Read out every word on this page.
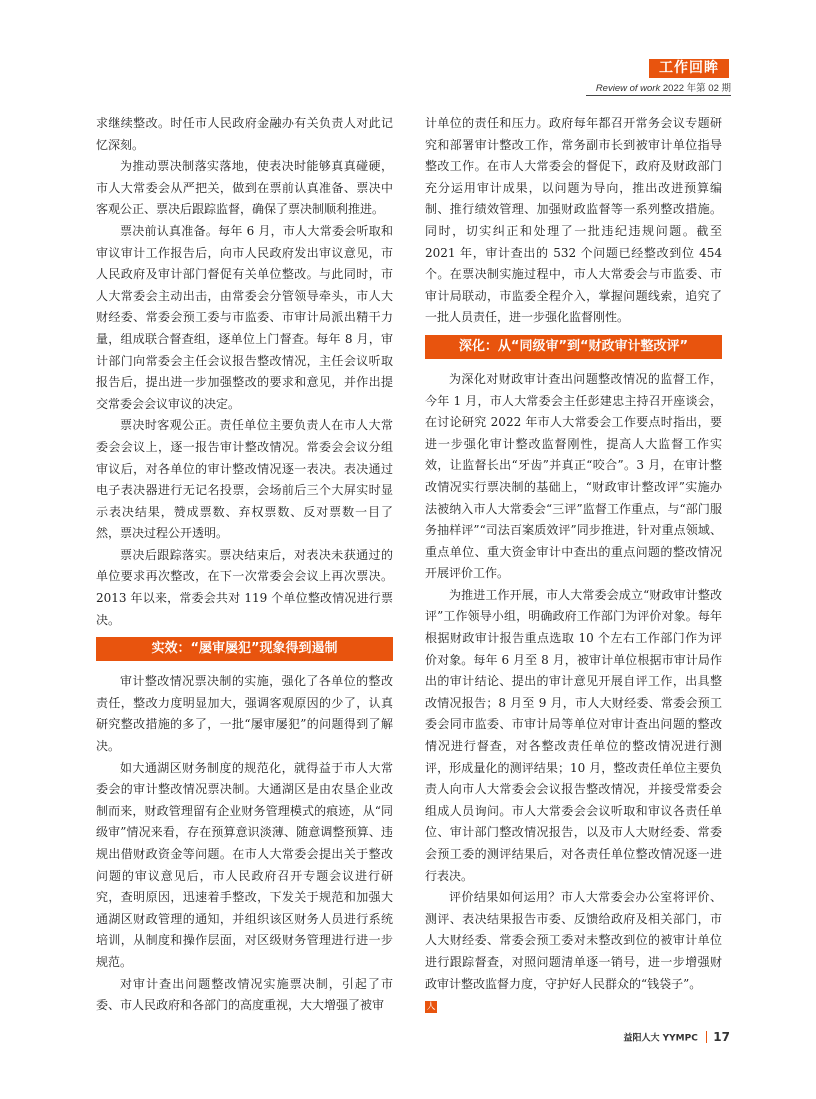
工作回眸
Review of work 2022 年第 02 期

求继续整改。时任市人民政府金融办有关负责人对此记忆深刻。

为推动票决制落实落地，使表决时能够真真碰硬，市人大常委会从严把关，做到在票前认真准备、票决中客观公正、票决后跟踪监督，确保了票决制顺利推进。

票决前认真准备。每年 6 月，市人大常委会听取和审议审计工作报告后，向市人民政府发出审议意见，市人民政府及审计部门督促有关单位整改。与此同时，市人大常委会主动出击，由常委会分管领导牵头，市人大财经委、常委会预工委与市监委、市审计局派出精干力量，组成联合督查组，逐单位上门督查。每年 8 月，审计部门向常委会主任会议报告整改情况，主任会议听取报告后，提出进一步加强整改的要求和意见，并作出提交常委会会议审议的决定。

票决时客观公正。责任单位主要负责人在市人大常委会会议上，逐一报告审计整改情况。常委会会议分组审议后，对各单位的审计整改情况逐一表决。表决通过电子表决器进行无记名投票，会场前后三个大屏实时显示表决结果，赞成票数、弃权票数、反对票数一目了然，票决过程公开透明。

票决后跟踪落实。票决结束后，对表决未获通过的单位要求再次整改，在下一次常委会会议上再次票决。2013 年以来，常委会共对 119 个单位整改情况进行票决。

实效：“屡审屡犯”现象得到遏制

审计整改情况票决制的实施，强化了各单位的整改责任，整改力度明显加大，强调客观原因的少了，认真研究整改措施的多了，一批“屡审屡犯”的问题得到了解决。

如大通湖区财务制度的规范化，就得益于市人大常委会的审计整改情况票决制。大通湖区是由农垦企业改制而来，财政管理留有企业财务管理模式的痕迹，从“同级审”情况来看，存在预算意识淡薄、随意调整预算、违规出借财政资金等问题。在市人大常委会提出关于整改问题的审议意见后，市人民政府召开专题会议进行研究，查明原因，迅速着手整改，下发关于规范和加强大通湖区财政管理的通知，并组织该区财务人员进行系统培训，从制度和操作层面，对区级财务管理进行进一步规范。

对审计查出问题整改情况实施票决制，引起了市委、市人民政府和各部门的高度重视，大大增强了被审

计单位的责任和压力。政府每年都召开常务会议专题研究和部署审计整改工作，常务副市长到被审计单位指导整改工作。在市人大常委会的督促下，政府及财政部门充分运用审计成果，以问题为导向，推出改进预算编制、推行绩效管理、加强财政监督等一系列整改措施。同时，切实纠正和处理了一批违纪违规问题。截至 2021 年，审计查出的 532 个问题已经整改到位 454 个。在票决制实施过程中，市人大常委会与市监委、市审计局联动，市监委全程介入，掌握问题线索，追究了一批人员责任，进一步强化监督刚性。

深化：从“同级审”到“财政审计整改评”

为深化对财政审计查出问题整改情况的监督工作，今年 1 月，市人大常委会主任彭建忠主持召开座谈会，在讨论研究 2022 年市人大常委会工作要点时指出，要进一步强化审计整改监督刚性，提高人大监督工作实效，让监督长出“牙齿”并真正“咬合”。3 月，在审计整改情况实行票决制的基础上，“财政审计整改评”实施办法被纳入市人大常委会“三评”监督工作重点，与“部门服务抽样评”“司法百案质效评”同步推进，针对重点领域、重点单位、重大资金审计中查出的重点问题的整改情况开展评价工作。

为推进工作开展，市人大常委会成立“财政审计整改评”工作领导小组，明确政府工作部门为评价对象。每年根据财政审计报告重点选取 10 个左右工作部门作为评价对象。每年 6 月至 8 月，被审计单位根据市审计局作出的审计结论、提出的审计意见开展自评工作，出具整改情况报告；8 月至 9 月，市人大财经委、常委会预工委会同市监委、市审计局等单位对审计查出问题的整改情况进行督查，对各整改责任单位的整改情况进行测评，形成量化的测评结果；10 月，整改责任单位主要负责人向市人大常委会会议报告整改情况，并接受常委会组成人员询问。市人大常委会会议听取和审议各责任单位、审计部门整改情况报告，以及市人大财经委、常委会预工委的测评结果后，对各责任单位整改情况逐一进行表决。

评价结果如何运用？市人大常委会办公室将评价、测评、表决结果报告市委、反馈给政府及相关部门，市人大财经委、常委会预工委对未整改到位的被审计单位进行跟踪督查，对照问题清单逐一销号，进一步增强财政审计整改监督力度，守护好人民群众的“钱袋子”。

人
益阳人大 YYMPC 17
